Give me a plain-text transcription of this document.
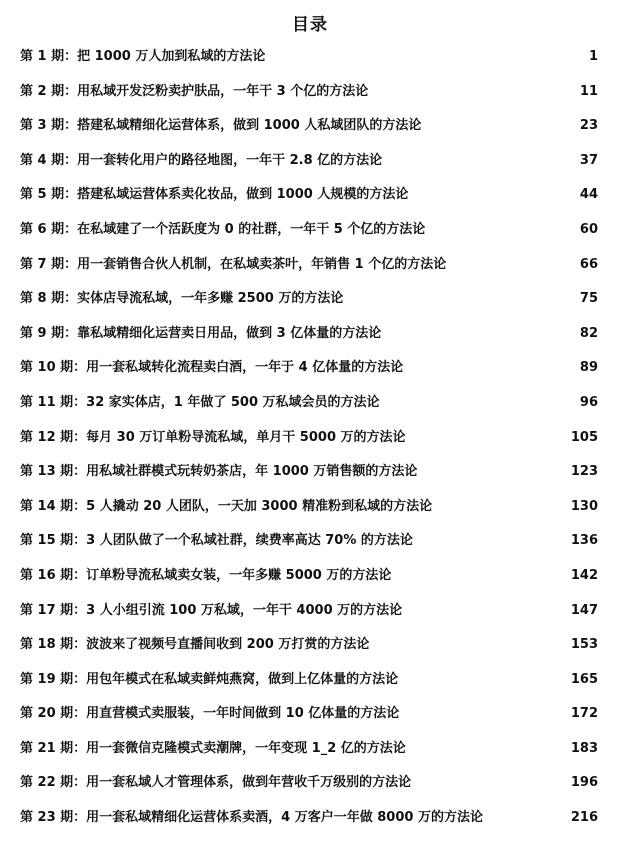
目录
第 1 期：把 1000 万人加到私域的方法论	1
第 2 期：用私域开发泛粉卖护肤品，一年干 3 个亿的方法论	11
第 3 期：搭建私域精细化运营体系，做到 1000 人私域团队的方法论	23
第 4 期：用一套转化用户的路径地图，一年干 2.8 亿的方法论	37
第 5 期：搭建私域运营体系卖化妆品，做到 1000 人规模的方法论	44
第 6 期：在私域建了一个活跃度为 0 的社群，一年干 5 个亿的方法论	60
第 7 期：用一套销售合伙人机制，在私域卖茶叶，年销售 1 个亿的方法论	66
第 8 期：实体店导流私域，一年多赚 2500 万的方法论	75
第 9 期：靠私域精细化运营卖日用品，做到 3 亿体量的方法论	82
第 10 期：用一套私域转化流程卖白酒，一年于 4 亿体量的方法论	89
第 11 期：32 家实体店，1 年做了 500 万私域会员的方法论	96
第 12 期：每月 30 万订单粉导流私域，单月干 5000 万的方法论	105
第 13 期：用私域社群模式玩转奶茶店，年 1000 万销售额的方法论	123
第 14 期：5 人撬动 20 人团队，一天加 3000 精准粉到私域的方法论	130
第 15 期：3 人团队做了一个私域社群，续费率高达 70% 的方法论	136
第 16 期：订单粉导流私域卖女装，一年多赚 5000 万的方法论	142
第 17 期：3 人小组引流 100 万私域，一年干 4000 万的方法论	147
第 18 期：波波来了视频号直播间收到 200 万打赏的方法论	153
第 19 期：用包年模式在私域卖鲜炖燕窝，做到上亿体量的方法论	165
第 20 期：用直营模式卖服装，一年时间做到 10 亿体量的方法论	172
第 21 期：用一套微信克隆模式卖潮牌，一年变现 1_2 亿的方法论	183
第 22 期：用一套私域人才管理体系，做到年营收千万级别的方法论	196
第 23 期：用一套私域精细化运营体系卖酒，4 万客户一年做 8000 万的方法论	216
